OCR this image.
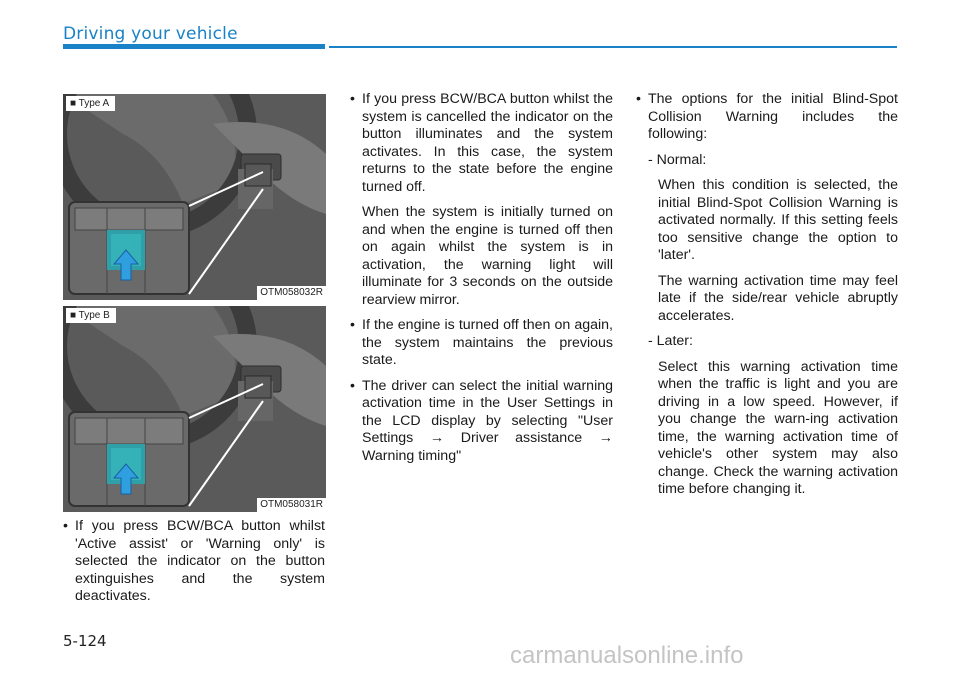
Driving your vehicle
■ Type A
OTM058032R
■ Type B
OTM058031R
• If you press BCW/BCA button whilst 'Active assist' or 'Warning only' is selected the indicator on the button extinguishes and the system deactivates.
• If you press BCW/BCA button whilst the system is cancelled the indicator on the button illuminates and the system activates. In this case, the system returns to the state before the engine turned off.
When the system is initially turned on and when the engine is turned off then on again whilst the system is in activation, the warning light will illuminate for 3 seconds on the outside rearview mirror.
• If the engine is turned off then on again, the system maintains the previous state.
• The driver can select the initial warning activation time in the User Settings in the LCD display by selecting "User Settings → Driver assistance → Warning timing"
• The options for the initial Blind-Spot Collision Warning includes the following:
- Normal:
When this condition is selected, the initial Blind-Spot Collision Warning is activated normally. If this setting feels too sensitive change the option to 'later'.
The warning activation time may feel late if the side/rear vehicle abruptly accelerates.
- Later:
Select this warning activation time when the traffic is light and you are driving in a low speed. However, if you change the warn-ing activation time, the warning activation time of vehicle's other system may also change. Check the warning activation time before changing it.
5-124
carmanualsonline.info
